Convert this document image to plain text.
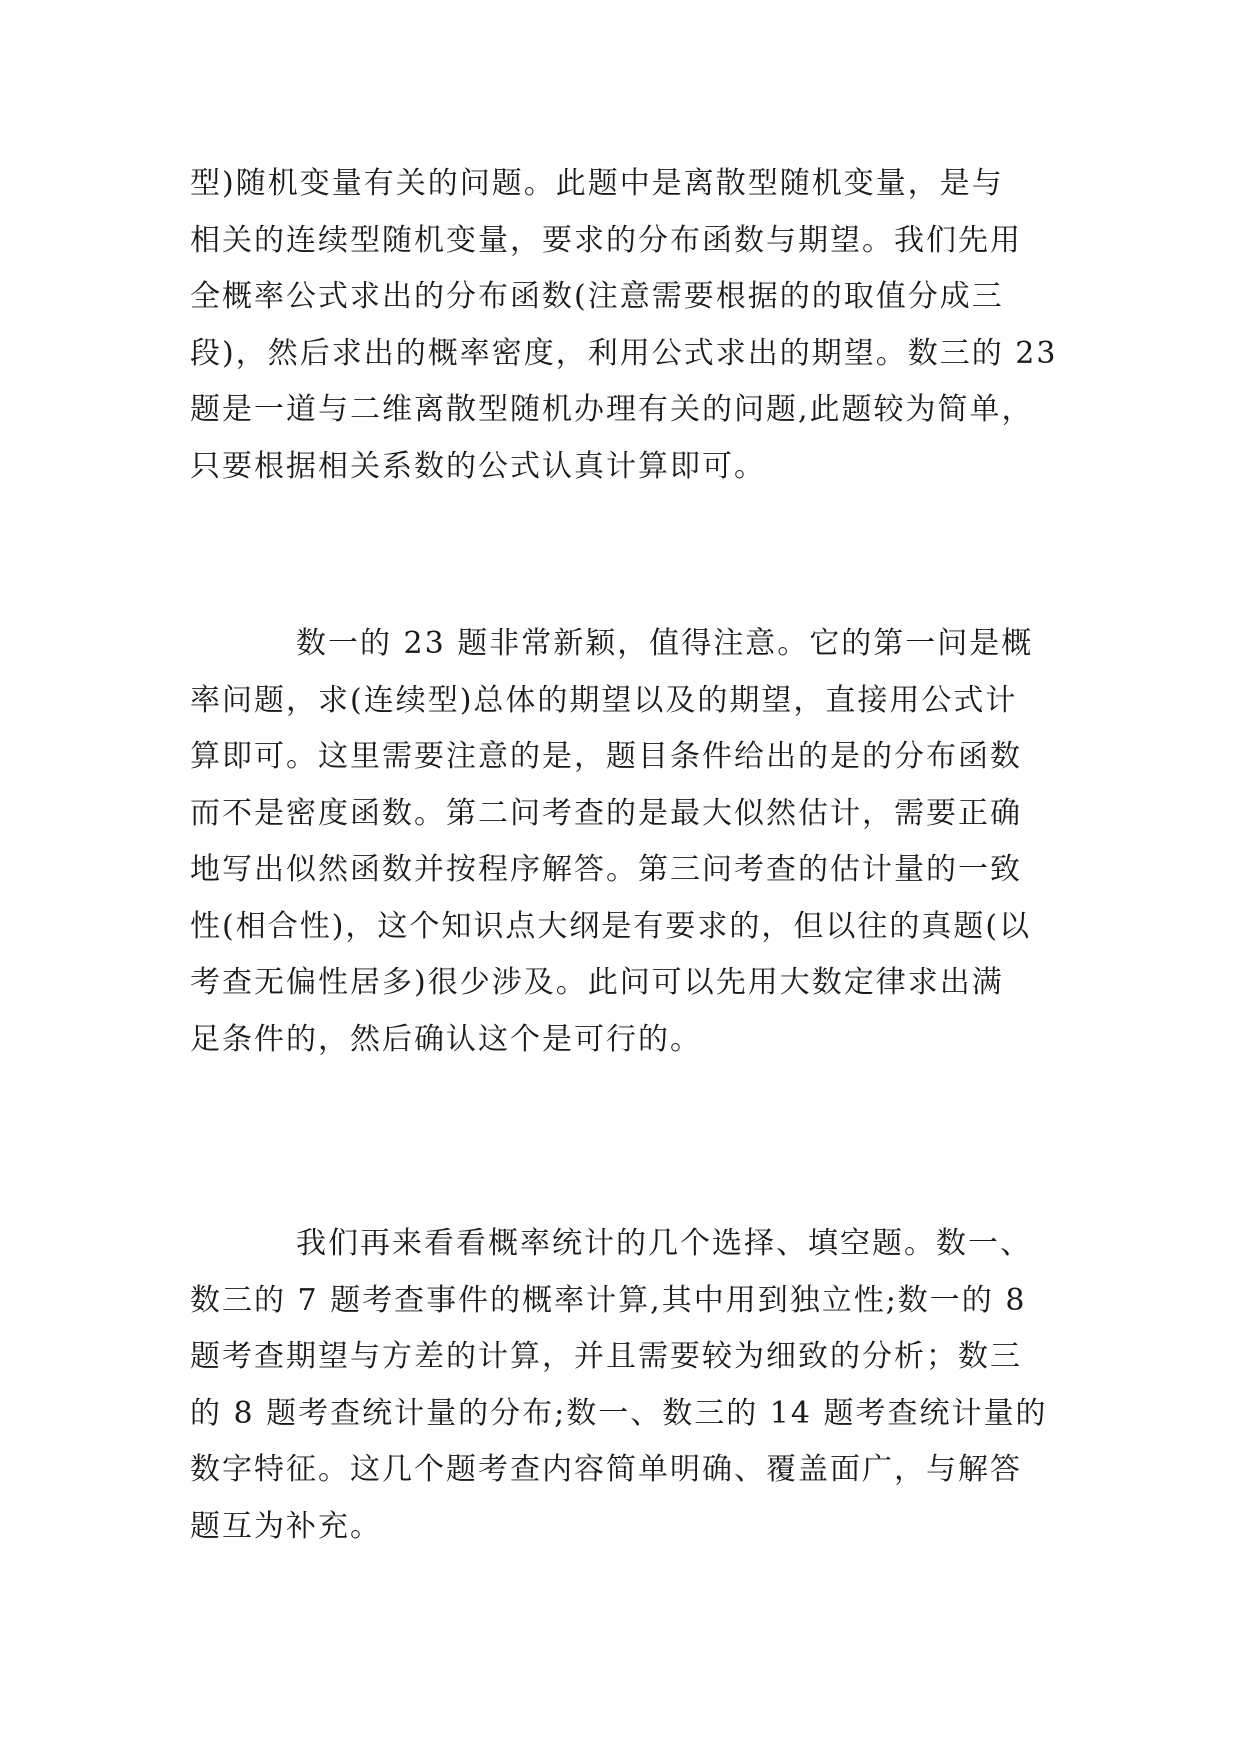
型)随机变量有关的问题。此题中是离散型随机变量，是与
相关的连续型随机变量，要求的分布函数与期望。我们先用
全概率公式求出的分布函数(注意需要根据的的取值分成三
段)，然后求出的概率密度，利用公式求出的期望。数三的 23
题是一道与二维离散型随机办理有关的问题,此题较为简单，
只要根据相关系数的公式认真计算即可。
数一的 23 题非常新颖，值得注意。它的第一问是概
率问题，求(连续型)总体的期望以及的期望，直接用公式计
算即可。这里需要注意的是，题目条件给出的是的分布函数
而不是密度函数。第二问考查的是最大似然估计，需要正确
地写出似然函数并按程序解答。第三问考查的估计量的一致
性(相合性)，这个知识点大纲是有要求的，但以往的真题(以
考查无偏性居多)很少涉及。此问可以先用大数定律求出满
足条件的，然后确认这个是可行的。
我们再来看看概率统计的几个选择、填空题。数一、
数三的 7 题考查事件的概率计算,其中用到独立性;数一的 8
题考查期望与方差的计算，并且需要较为细致的分析；数三
的 8 题考查统计量的分布;数一、数三的 14 题考查统计量的
数字特征。这几个题考查内容简单明确、覆盖面广，与解答
题互为补充。
